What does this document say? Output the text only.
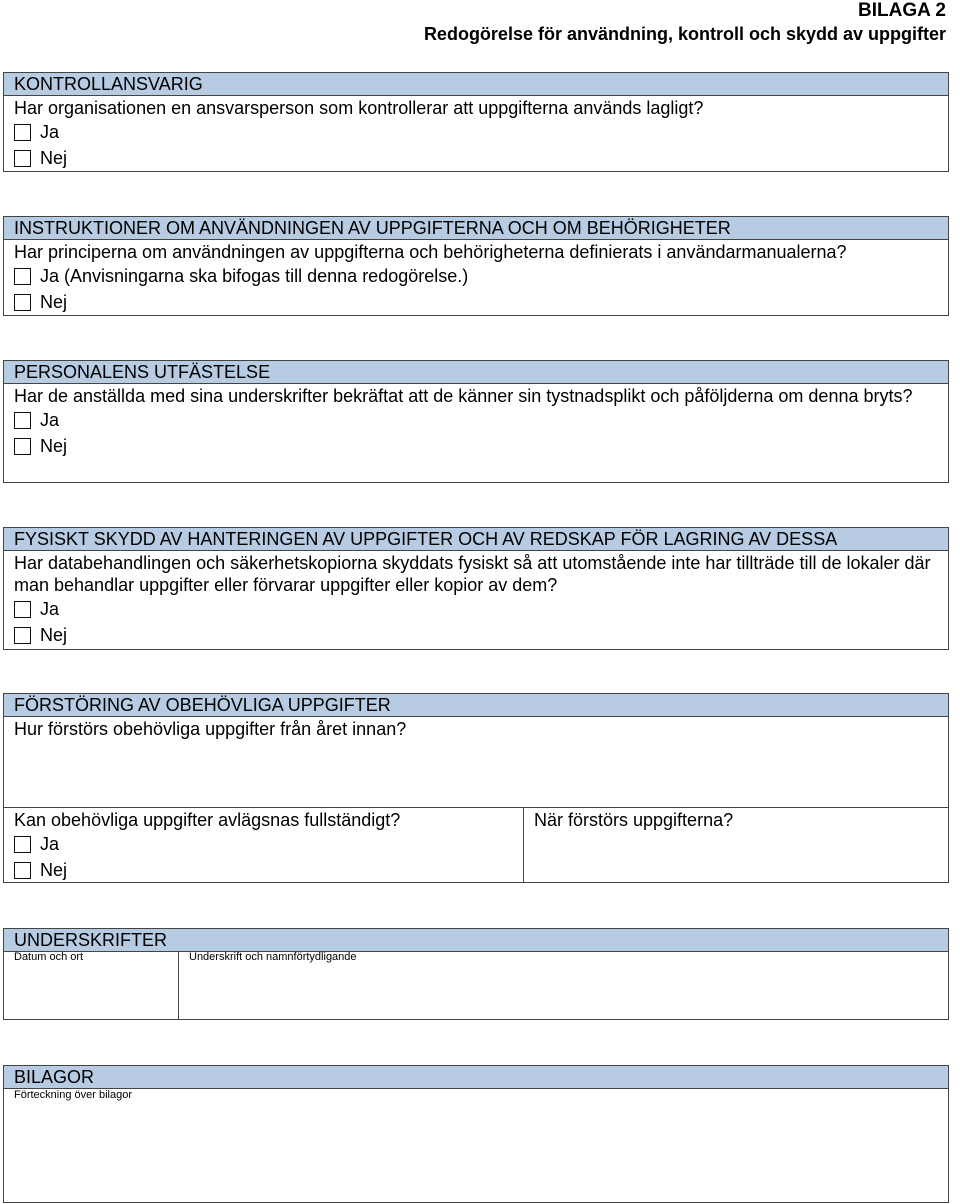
BILAGA 2
Redogörelse för användning, kontroll och skydd av uppgifter
KONTROLLANSVARIG
Har organisationen en ansvarsperson som kontrollerar att uppgifterna används lagligt?
Ja
Nej
INSTRUKTIONER OM ANVÄNDNINGEN AV UPPGIFTERNA OCH OM BEHÖRIGHETER
Har principerna om användningen av uppgifterna och behörigheterna definierats i användarmanualerna?
Ja (Anvisningarna ska bifogas till denna redogörelse.)
Nej
PERSONALENS UTFÄSTELSE
Har de anställda med sina underskrifter bekräftat att de känner sin tystnadsplikt och påföljderna om denna bryts?
Ja
Nej
FYSISKT SKYDD AV HANTERINGEN AV UPPGIFTER OCH AV REDSKAP FÖR LAGRING AV DESSA
Har databehandlingen och säkerhetskopiorna skyddats fysiskt så att utomstående inte har tillträde till de lokaler där man behandlar uppgifter eller förvarar uppgifter eller kopior av dem?
Ja
Nej
FÖRSTÖRING AV OBEHÖVLIGA UPPGIFTER
Hur förstörs obehövliga uppgifter från året innan?
Kan obehövliga uppgifter avlägsnas fullständigt?
Ja
Nej
När förstörs uppgifterna?
UNDERSKRIFTER
Datum och ort	Underskrift och namnförtydligande
BILAGOR
Förteckning över bilagor
